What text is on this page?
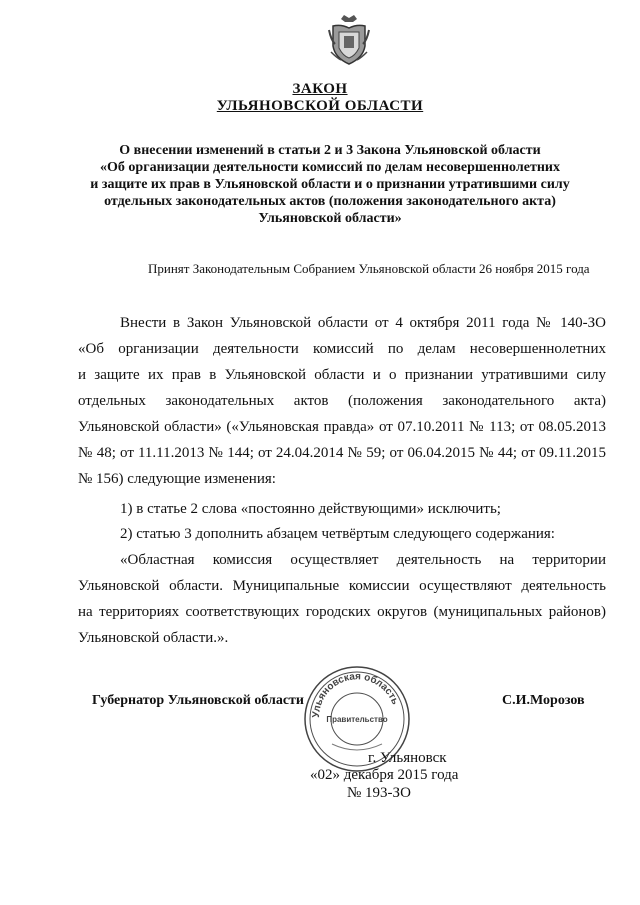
ЗАКОН
УЛЬЯНОВСКОЙ ОБЛАСТИ
О внесении изменений в статьи 2 и 3 Закона Ульяновской области
«Об организации деятельности комиссий по делам несовершеннолетних
и защите их прав в Ульяновской области и о признании утратившими силу
отдельных законодательных актов (положения законодательного акта)
Ульяновской области»
Принят Законодательным Собранием Ульяновской области 26 ноября 2015 года
Внести в Закон Ульяновской области от 4 октября 2011 года № 140-ЗО
«Об организации деятельности комиссий по делам несовершеннолетних
и защите их прав в Ульяновской области и о признании утратившими силу
отдельных законодательных актов (положения законодательного акта)
Ульяновской области» («Ульяновская правда» от 07.10.2011 № 113; от 08.05.2013
№ 48; от 11.11.2013 № 144; от 24.04.2014 № 59; от 06.04.2015 № 44; от 09.11.2015
№ 156) следующие изменения:
1) в статье 2 слова «постоянно действующими» исключить;
2) статью 3 дополнить абзацем четвёртым следующего содержания:
«Областная комиссия осуществляет деятельность на территории
Ульяновской области. Муниципальные комиссии осуществляют деятельность
на территориях соответствующих городских округов (муниципальных районов)
Ульяновской области.».
Губернатор Ульяновской области	С.И.Морозов
Ульяновская область
Правительство
г. Ульяновск
«02» декабря 2015 года
№ 193-ЗО
